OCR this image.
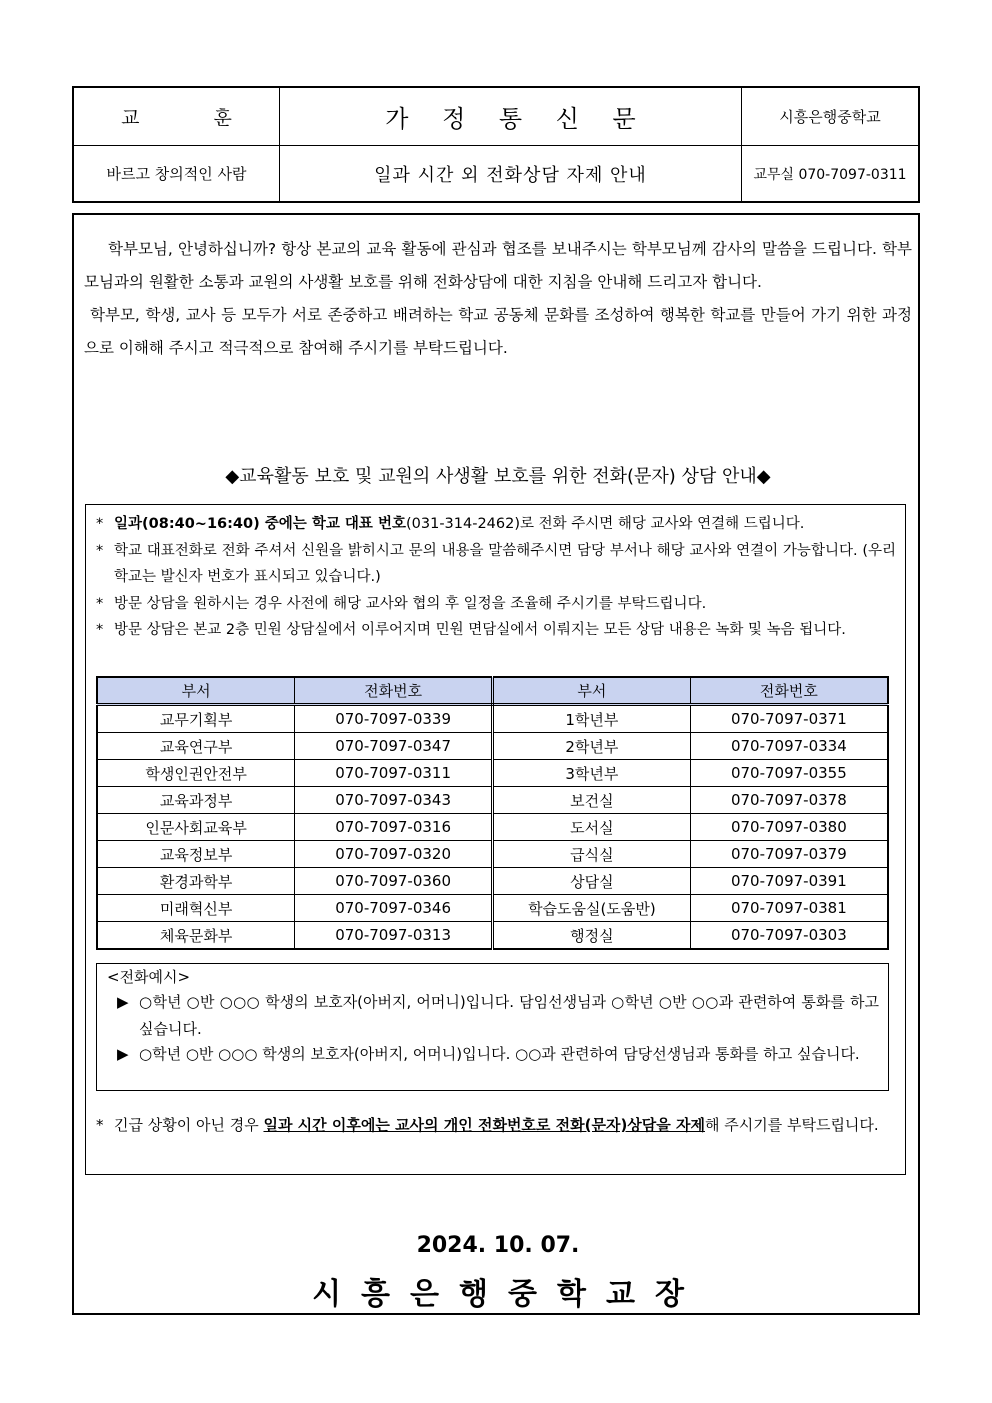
교 훈	가 정 통 신 문	시흥은행중학교
바르고 창의적인 사람	일과 시간 외 전화상담 자제 안내	교무실 070-7097-0311

학부모님, 안녕하십니까? 항상 본교의 교육 활동에 관심과 협조를 보내주시는 학부모님께 감사의 말씀을 드립니다. 학부모님과의 원활한 소통과 교원의 사생활 보호를 위해 전화상담에 대한 지침을 안내해 드리고자 합니다.

학부모, 학생, 교사 등 모두가 서로 존중하고 배려하는 학교 공동체 문화를 조성하여 행복한 학교를 만들어 가기 위한 과정으로 이해해 주시고 적극적으로 참여해 주시기를 부탁드립니다.

◆교육활동 보호 및 교원의 사생활 보호를 위한 전화(문자) 상담 안내◆
* 일과(08:40~16:40) 중에는 학교 대표 번호(031-314-2462)로 전화 주시면 해당 교사와 연결해 드립니다.
* 학교 대표전화로 전화 주셔서 신원을 밝히시고 문의 내용을 말씀해주시면 담당 부서나 해당 교사와 연결이 가능합니다. (우리 학교는 발신자 번호가 표시되고 있습니다.)
* 방문 상담을 원하시는 경우 사전에 해당 교사와 협의 후 일정을 조율해 주시기를 부탁드립니다.
* 방문 상담은 본교 2층 민원 상담실에서 이루어지며 민원 면담실에서 이뤄지는 모든 상담 내용은 녹화 및 녹음 됩니다.
부서	전화번호	부서	전화번호
교무기획부	070-7097-0339	1학년부	070-7097-0371
교육연구부	070-7097-0347	2학년부	070-7097-0334
학생인권안전부	070-7097-0311	3학년부	070-7097-0355
교육과정부	070-7097-0343	보건실	070-7097-0378
인문사회교육부	070-7097-0316	도서실	070-7097-0380
교육정보부	070-7097-0320	급식실	070-7097-0379
환경과학부	070-7097-0360	상담실	070-7097-0391
미래혁신부	070-7097-0346	학습도움실(도움반)	070-7097-0381
체육문화부	070-7097-0313	행정실	070-7097-0303
<전화예시>
▶ ○학년 ○반 ○○○ 학생의 보호자(아버지, 어머니)입니다. 담임선생님과 ○학년 ○반 ○○과 관련하여 통화를 하고 싶습니다.
▶ ○학년 ○반 ○○○ 학생의 보호자(아버지, 어머니)입니다. ○○과 관련하여 담당선생님과 통화를 하고 싶습니다.
* 긴급 상황이 아닌 경우 일과 시간 이후에는 교사의 개인 전화번호로 전화(문자)상담을 자제해 주시기를 부탁드립니다.
2024. 10. 07.
시흥은행중학교장
